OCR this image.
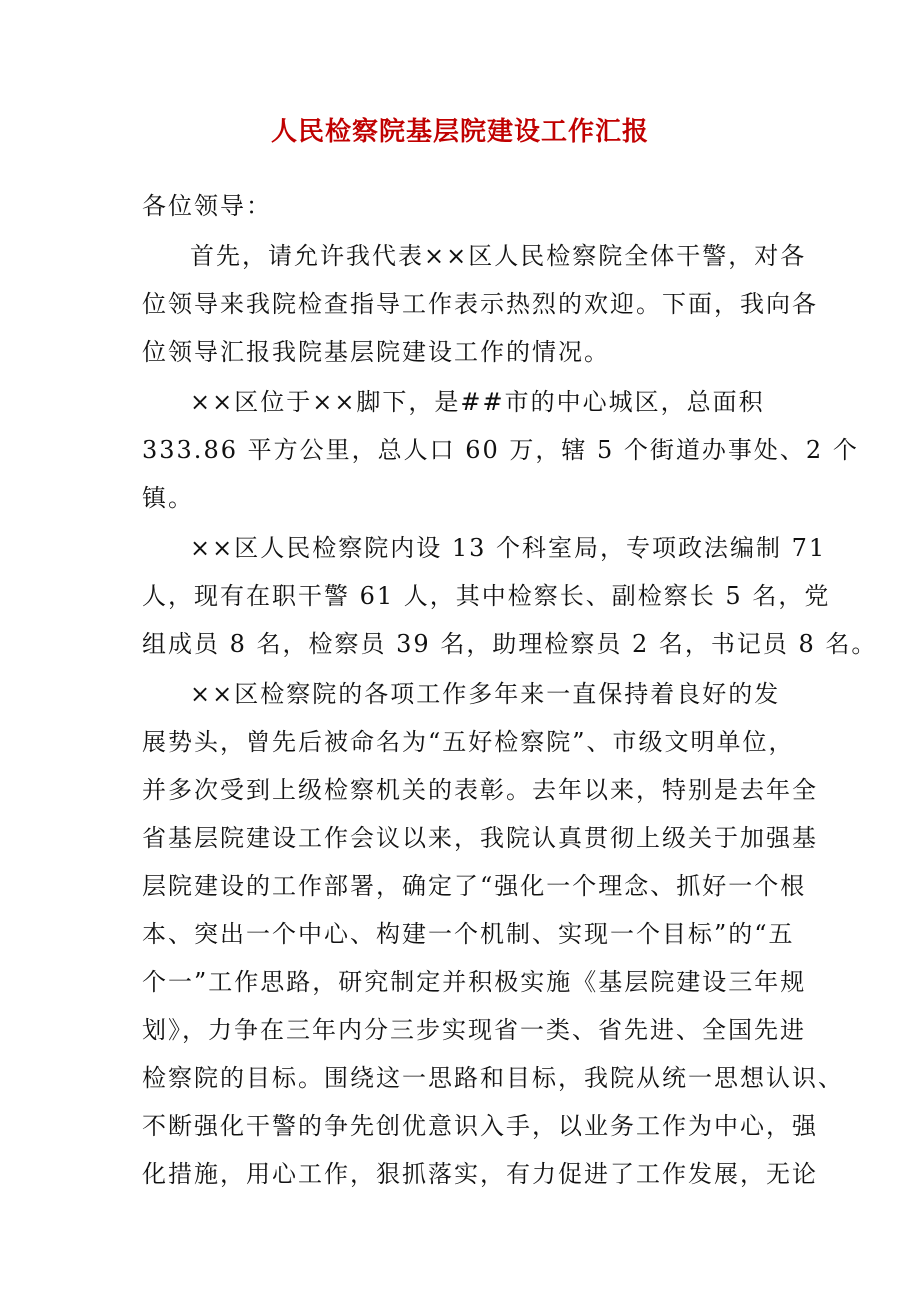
人民检察院基层院建设工作汇报
各位领导：
首先，请允许我代表××区人民检察院全体干警，对各
位领导来我院检查指导工作表示热烈的欢迎。下面，我向各
位领导汇报我院基层院建设工作的情况。
××区位于××脚下，是##市的中心城区，总面积
333.86 平方公里，总人口 60 万，辖 5 个街道办事处、2 个
镇。
××区人民检察院内设 13 个科室局，专项政法编制 71
人，现有在职干警 61 人，其中检察长、副检察长 5 名，党
组成员 8 名，检察员 39 名，助理检察员 2 名，书记员 8 名。
××区检察院的各项工作多年来一直保持着良好的发
展势头，曾先后被命名为“五好检察院”、市级文明单位，
并多次受到上级检察机关的表彰。去年以来，特别是去年全
省基层院建设工作会议以来，我院认真贯彻上级关于加强基
层院建设的工作部署，确定了“强化一个理念、抓好一个根
本、突出一个中心、构建一个机制、实现一个目标”的“五
个一”工作思路，研究制定并积极实施《基层院建设三年规
划》，力争在三年内分三步实现省一类、省先进、全国先进
检察院的目标。围绕这一思路和目标，我院从统一思想认识、
不断强化干警的争先创优意识入手，以业务工作为中心，强
化措施，用心工作，狠抓落实，有力促进了工作发展，无论
